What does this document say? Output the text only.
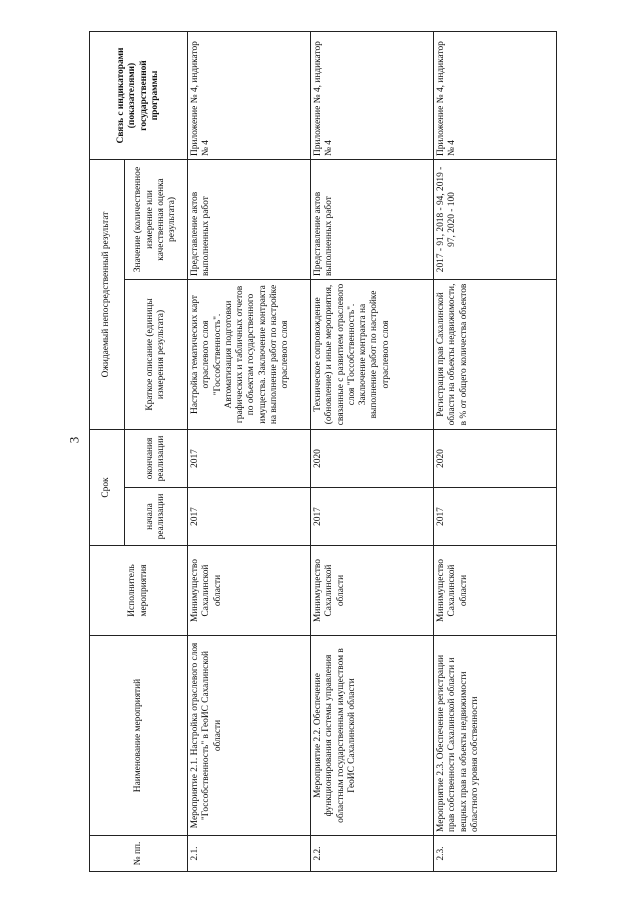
3
№ пп.	Наименование мероприятий	Исполнитель мероприятия	Срок		Ожидаемый непосредственный результат		Связь с индикаторами (показателями) государственной программы
			начала реализации	окончания реализации	Краткое описание (единицы измерения результата)	Значение (количественное измерение или качественная оценка результата)	
2.1.	Мероприятие 2.1. Настройка отраслевого слоя "Госсобственность" в ГеоИС Сахалинской области	Минимущество Сахалинской области	2017	2017	Настройка тематических карт отраслевого слоя "Госсобственность". Автоматизация подготовки графических и табличных отчетов по объектам государственного имущества. Заключение контракта на выполнение работ по настройке отраслевого слоя	Представление актов выполненных работ	Приложение № 4, индикатор № 4
2.2.	Мероприятие 2.2. Обеспечение функционирования системы управления областным государственным имуществом в ГеоИС Сахалинской области	Минимущество Сахалинской области	2017	2020	Техническое сопровождение (обновление) и иные мероприятия, связанные с развитием отраслевого слоя "Госсобственность". Заключение контракта на выполнение работ по настройке отраслевого слоя	Представление актов выполненных работ	Приложение № 4, индикатор № 4
2.3.	Мероприятие 2.3. Обеспечение регистрации прав собственности Сахалинской области и вещных прав на объекты недвижимости областного уровня собственности	Минимущество Сахалинской области	2017	2020	Регистрация прав Сахалинской области на объекты недвижимости, в % от общего количества объектов	2017 - 91, 2018 - 94, 2019 - 97, 2020 - 100	Приложение № 4, индикатор № 4
